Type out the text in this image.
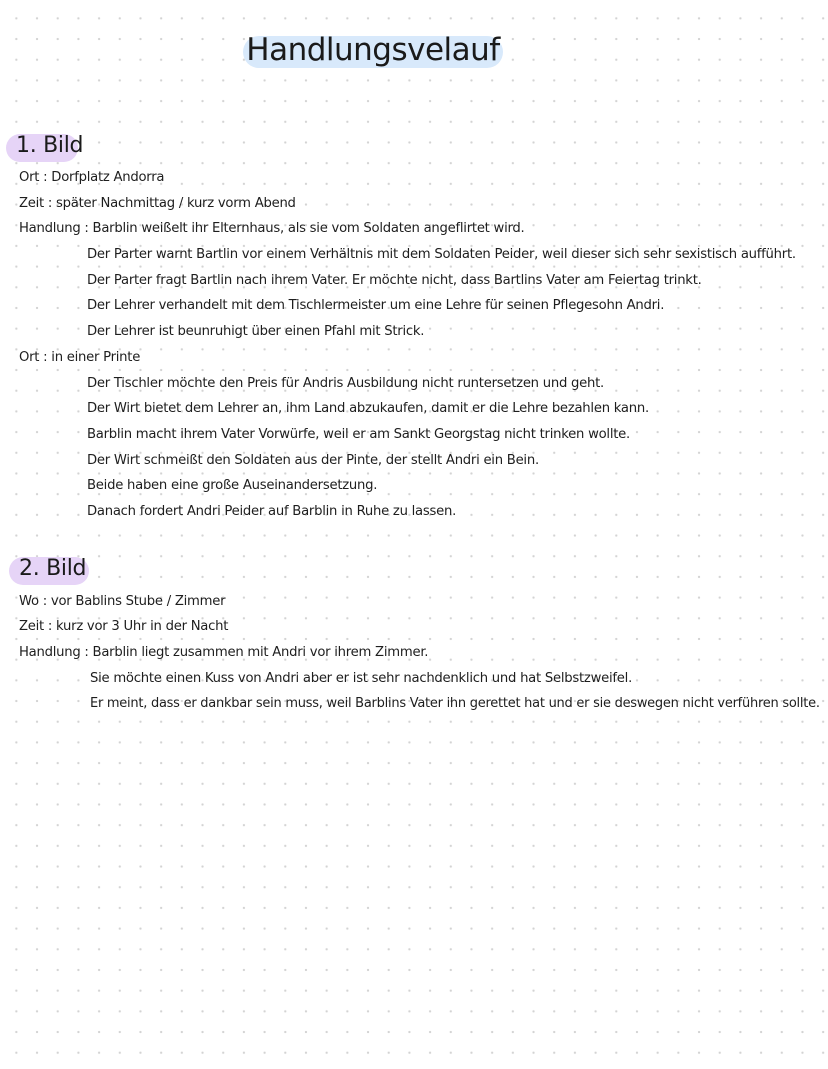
Handlungsvelauf
1. Bild
Ort : Dorfplatz Andorra
Zeit : später Nachmittag / kurz vorm Abend
Handlung : Barblin weißelt ihr Elternhaus, als sie vom Soldaten angeflirtet wird.
Der Parter warnt Bartlin vor einem Verhältnis mit dem Soldaten Peider, weil dieser sich sehr sexistisch aufführt.
Der Parter fragt Bartlin nach ihrem Vater. Er möchte nicht, dass Bartlins Vater am Feiertag trinkt.
Der Lehrer verhandelt mit dem Tischlermeister um eine Lehre für seinen Pflegesohn Andri.
Der Lehrer ist beunruhigt über einen Pfahl mit Strick.
Ort : in einer Printe
Der Tischler möchte den Preis für Andris Ausbildung nicht runtersetzen und geht.
Der Wirt bietet dem Lehrer an, ihm Land abzukaufen, damit er die Lehre bezahlen kann.
Barblin macht ihrem Vater Vorwürfe, weil er am Sankt Georgstag nicht trinken wollte.
Der Wirt schmeißt den Soldaten aus der Pinte, der stellt Andri ein Bein.
Beide haben eine große Auseinandersetzung.
Danach fordert Andri Peider auf Barblin in Ruhe zu lassen.
2. Bild
Wo : vor Bablins Stube / Zimmer
Zeit : kurz vor 3 Uhr in der Nacht
Handlung : Barblin liegt zusammen mit Andri vor ihrem Zimmer.
Sie möchte einen Kuss von Andri aber er ist sehr nachdenklich und hat Selbstzweifel.
Er meint, dass er dankbar sein muss, weil Barblins Vater ihn gerettet hat und er sie deswegen nicht verführen sollte.
